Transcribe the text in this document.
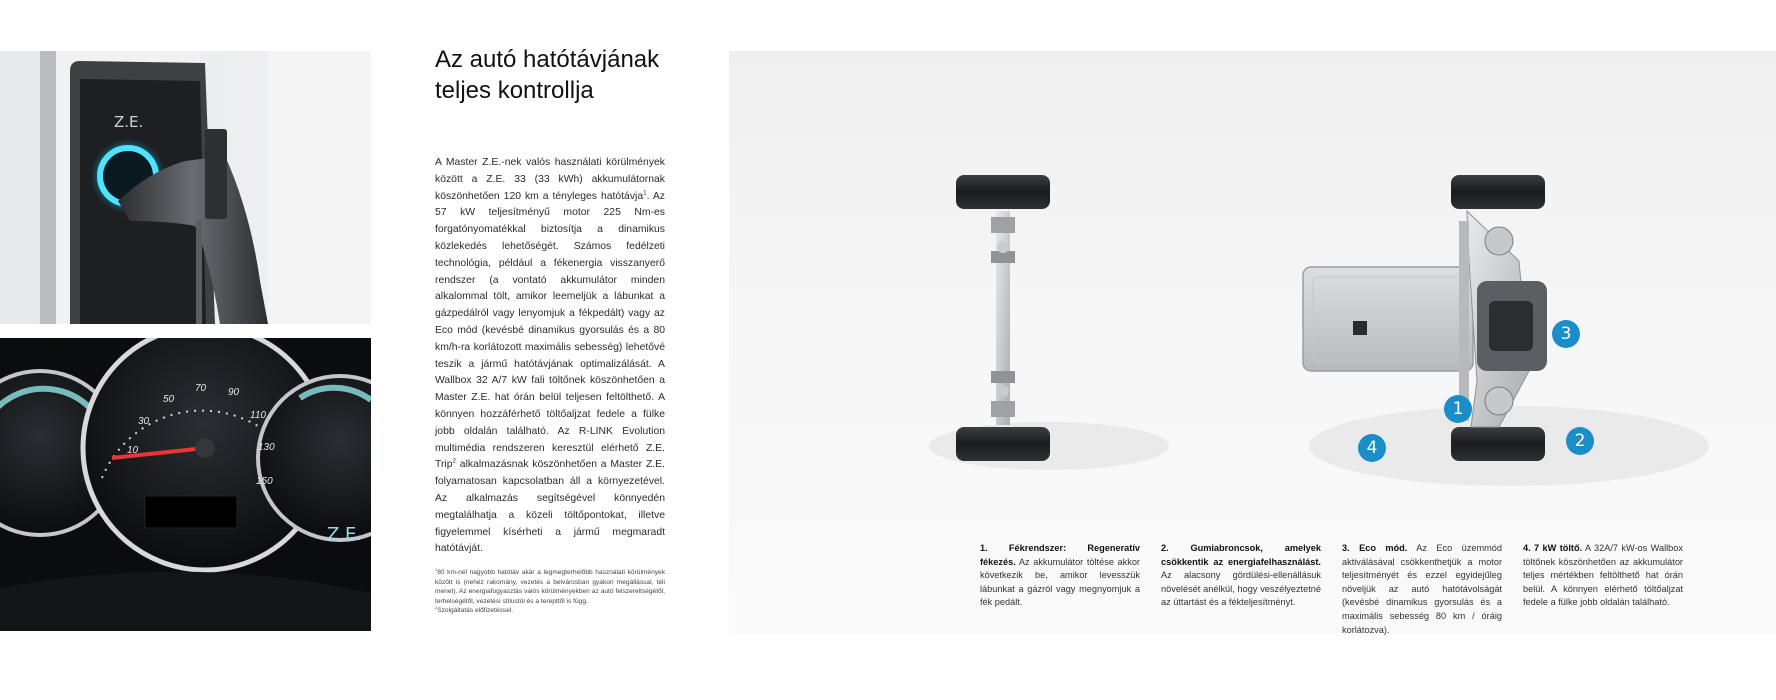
Z.E.
10
30
50
70 90
110
130
150
Z.E.
Az autó hatótávjának
teljes kontrollja

A Master Z.E.-nek valós használati körülmények között a Z.E. 33 (33 kWh) akkumulátornak köszönhetően 120 km a tényleges hatótávja$^1$. Az 57 kW teljesítményű motor 225 Nm-es forgatónyomatékkal biztosítja a dinamikus közlekedés lehetőségét. Számos fedélzeti technológia, például a fékenergia visszanyerő rendszer (a vontató akkumulátor minden alkalommal tölt, amikor leemeljük a lábunkat a gázpedálról vagy lenyomjuk a fékpedált) vagy az Eco mód (kevésbé dinamikus gyorsulás és a 80 km/h-ra korlátozott maximális sebesség) lehetővé teszik a jármű hatótávjának optimalizálását. A Wallbox 32 A/7 kW fali töltőnek köszönhetően a Master Z.E. hat órán belül teljesen feltölthető. A könnyen hozzáférhető töltőaljzat fedele a fülke jobb oldalán található. Az R-LINK Evolution multimédia rendszeren keresztül elérhető Z.E. Trip$^2$ alkalmazásnak köszönhetően a Master Z.E. folyamatosan kapcsolatban áll a környezetével. Az alkalmazás segítségével könnyedén megtalálhatja a közeli töltőpontokat, illetve figyelemmel kísérheti a jármű megmaradt hatótávját.

$^1$80 km-nél nagyobb hatótáv akár a legmegterhelőbb használati körülmények között is (nehéz rakomány, vezetés a belvárosban gyakori megállással, téli menet). Az energiafogyasztás valós körülményekben az autó felszereltségétől, terhelségétől, vezetési stílustól és a terepttől is függ.

$^2$Szolgáltatás előfizetéssel.

1
2
3
4
1. Fékrendszer: Regeneratív fékezés. Az akkumulátor töltése akkor következik be, amikor levesszük lábunkat a gázról vagy megnyomjuk a fék pedált.
2. Gumiabroncsok, amelyek csökkentik az energiafelhasználást. Az alacsony gördülési-ellenállásuk növelését anélkül, hogy veszélyeztetné az úttartást és a fékteljesítményt.
3. Eco mód. Az Eco üzemmód aktiválásával csökkenthetjük a motor teljesítményét és ezzel egyidejűleg növeljük az autó hatótávolságát (kevésbé dinamikus gyorsulás és a maximális sebesség 80 km / óráig korlátozva).
4. 7 kW töltő. A 32A/7 kW-os Wallbox töltőnek köszönhetően az akkumulátor teljes mértékben feltölthető hat órán belül. A könnyen elérhető töltőaljzat fedele a fülke jobb oldalán található.
